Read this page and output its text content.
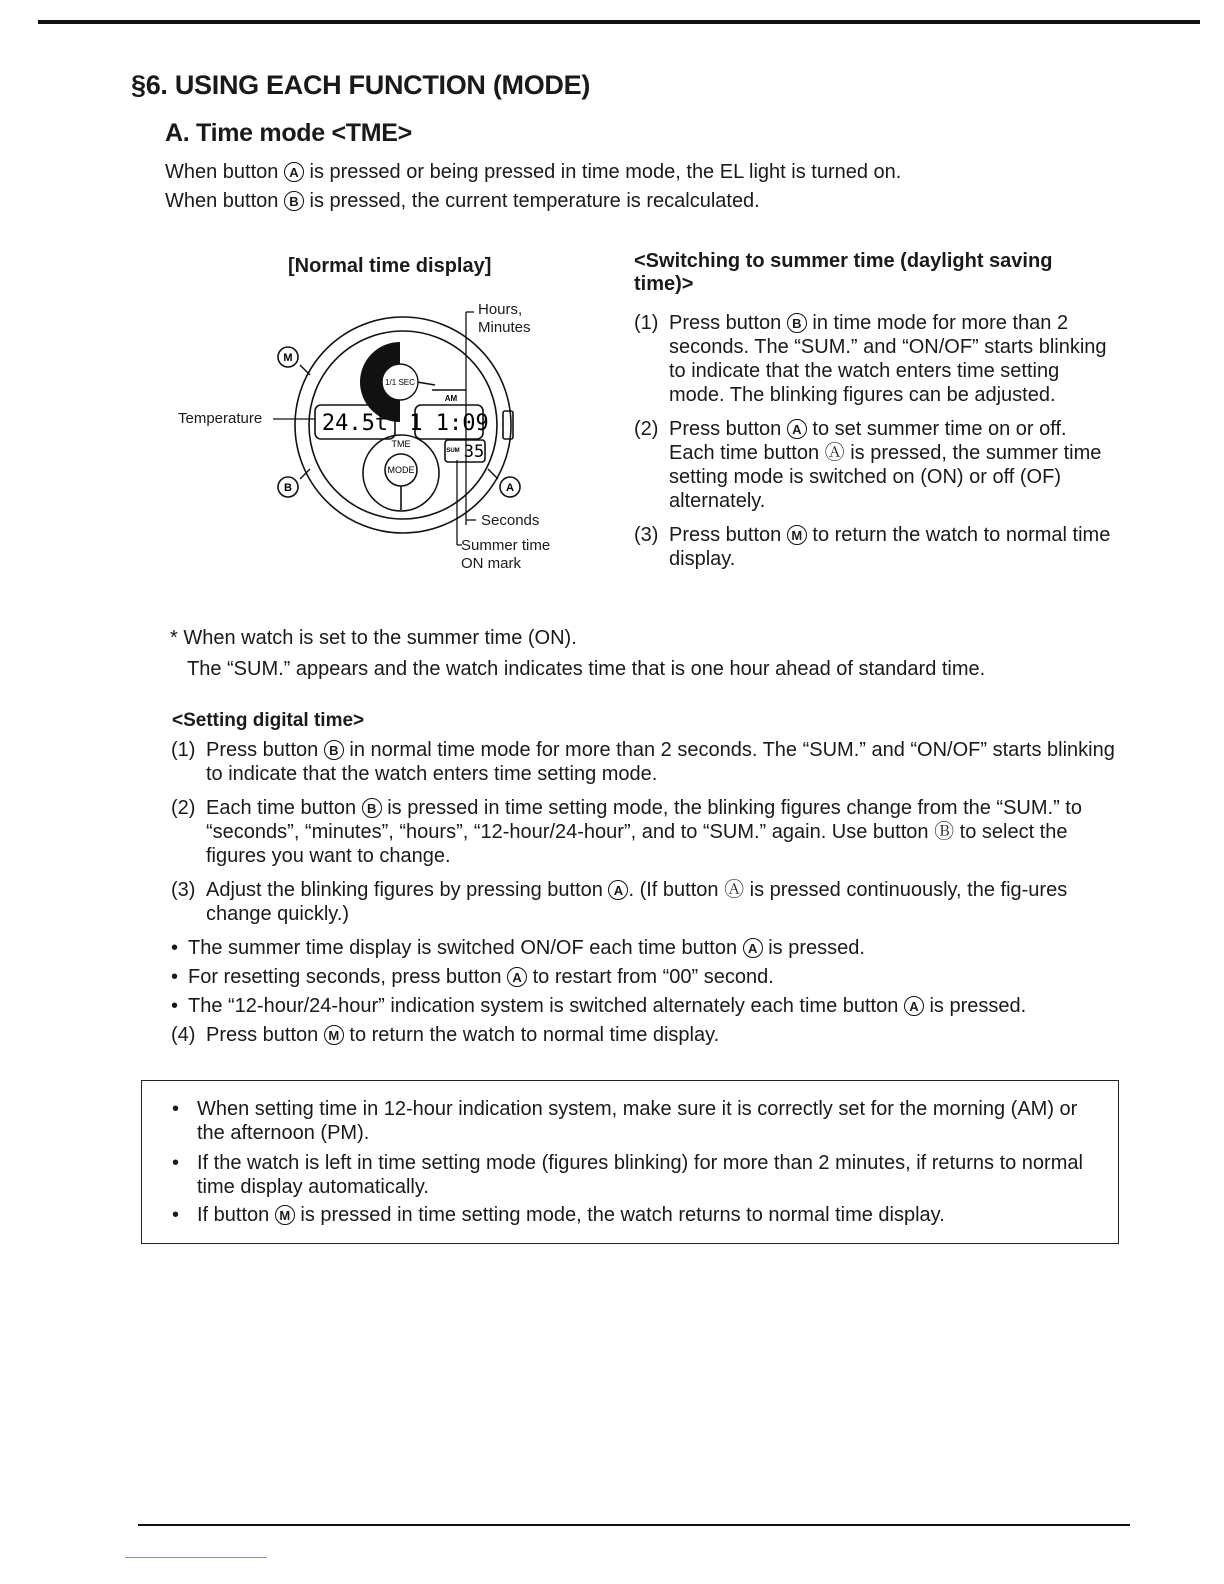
§6. USING EACH FUNCTION (MODE)
A. Time mode <TME>
When button A is pressed or being pressed in time mode, the EL light is turned on.
When button B is pressed, the current temperature is recalculated.
[Normal time display]
M
B	A
24.5t 1 1:09
35
AM
SUM
1/1 SEC
MODE
TME
Hours,
Minutes
Temperature
Seconds
Summer time
ON mark
<Switching to summer time (daylight saving
time)>
(1) Press button B in time mode for more than 2 seconds. The “SUM.” and “ON/OF” starts blinking to indicate that the watch enters time setting mode. The blinking figures can be adjusted.
(2) Press button A to set summer time on or off. Each time button Ⓐ is pressed, the summer time setting mode is switched on (ON) or off (OF) alternately.
(3) Press button M to return the watch to normal time display.
* When watch is set to the summer time (ON).
The “SUM.” appears and the watch indicates time that is one hour ahead of standard time.
<Setting digital time>
(1) Press button B in normal time mode for more than 2 seconds. The “SUM.” and “ON/OF” starts blinking to indicate that the watch enters time setting mode.
(2) Each time button B is pressed in time setting mode, the blinking figures change from the “SUM.” to “seconds”, “minutes”, “hours”, “12-hour/24-hour”, and to “SUM.” again. Use button Ⓑ to select the figures you want to change.
(3) Adjust the blinking figures by pressing button A . (If button Ⓐ is pressed continuously, the fig-ures change quickly.)
• The summer time display is switched ON/OF each time button A is pressed.
• For resetting seconds, press button A to restart from “00” second.
• The “12-hour/24-hour” indication system is switched alternately each time button A is pressed.
(4) Press button M to return the watch to normal time display.
• When setting time in 12-hour indication system, make sure it is correctly set for the morning (AM) or the afternoon (PM).
• If the watch is left in time setting mode (figures blinking) for more than 2 minutes, if returns to normal time display automatically.
• If button M is pressed in time setting mode, the watch returns to normal time display.
